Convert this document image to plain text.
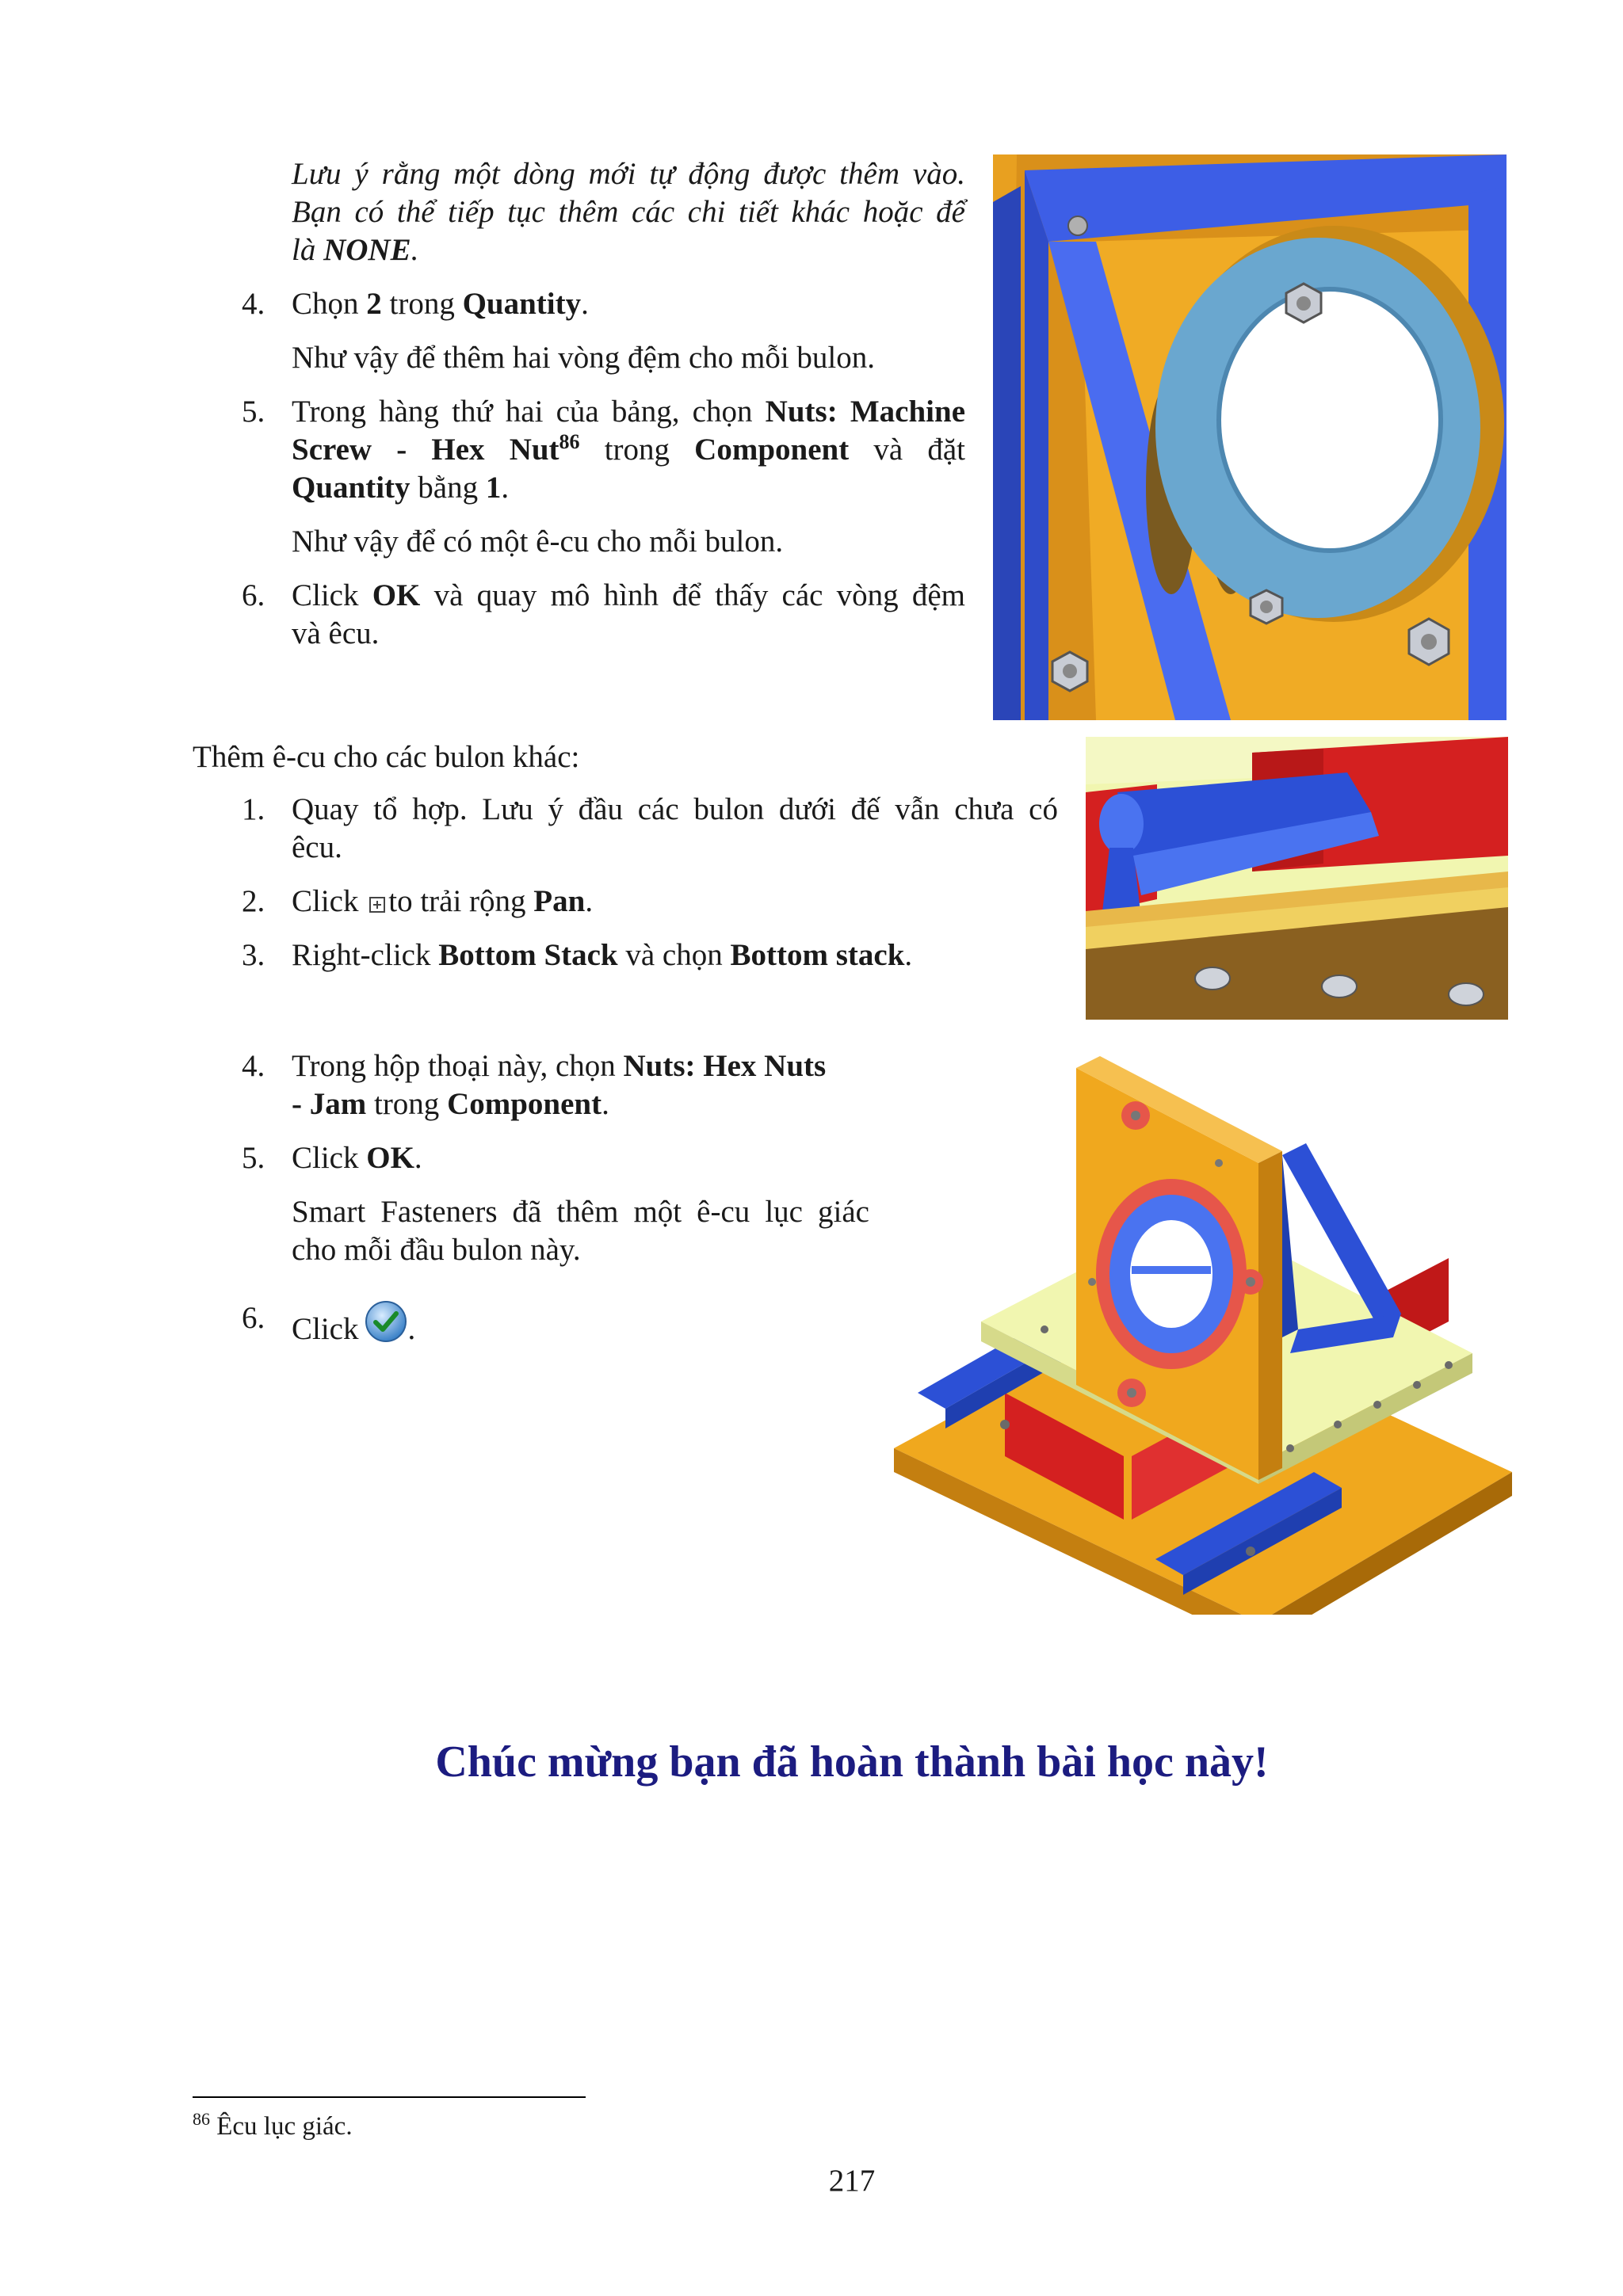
Lưu ý rằng một dòng mới tự động được thêm vào.
Bạn có thể tiếp tục thêm các chi tiết khác hoặc để
là NONE.
4. Chọn 2 trong Quantity.
Như vậy để thêm hai vòng đệm cho mỗi bulon.
5. Trong hàng thứ hai của bảng, chọn Nuts: Machine
Screw - Hex Nut$^{86}$ trong Component và đặt
Quantity bằng 1.
Như vậy để có một ê-cu cho mỗi bulon.
6. Click OK và quay mô hình để thấy các vòng đệm
và êcu.
Thêm ê-cu cho các bulon khác:
1. Quay tổ hợp. Lưu ý đầu các bulon dưới đế vẫn chưa có
êcu.
2. Click to trải rộng Pan.
3. Right-click Bottom Stack và chọn Bottom stack.
4. Trong hộp thoại này, chọn Nuts: Hex Nuts
- Jam trong Component.
5. Click OK.
Smart Fasteners đã thêm một ê-cu lục giác
cho mỗi đầu bulon này.
6. Click .
Chúc mừng bạn đã hoàn thành bài học này!
$^{86}$ Êcu lục giác.
217
